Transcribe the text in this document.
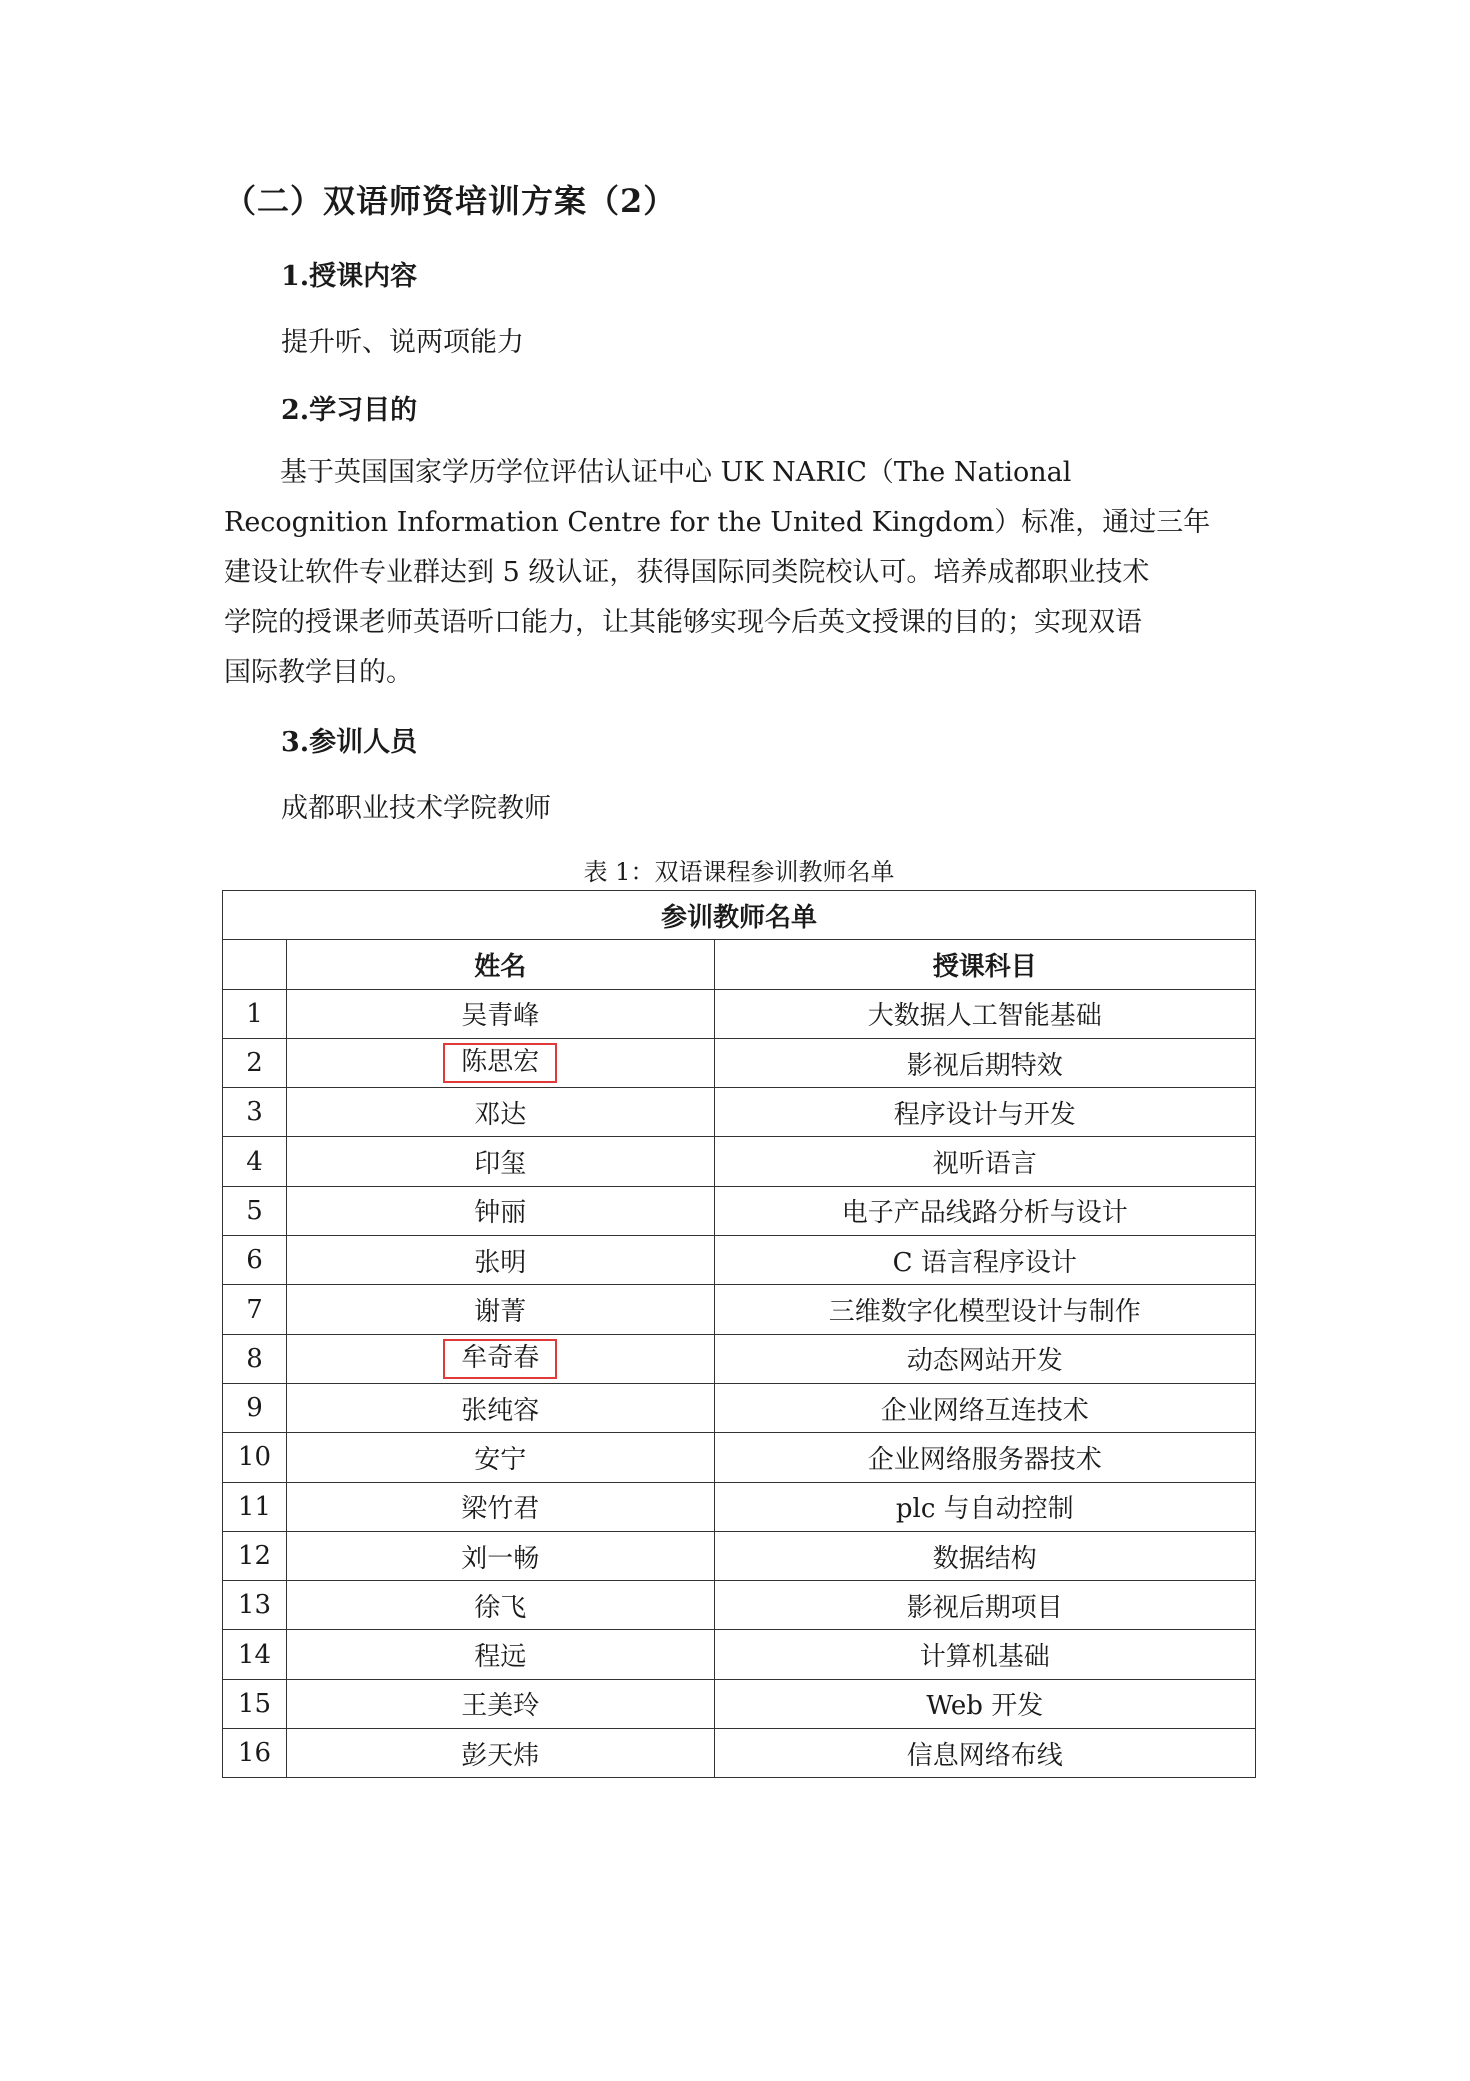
（二）双语师资培训方案（2）
1.授课内容

提升听、说两项能力

2.学习目的
基于英国国家学历学位评估认证中心 UK NARIC（The National
Recognition Information Centre for the United Kingdom）标准，通过三年
建设让软件专业群达到 5 级认证，获得国际同类院校认可。培养成都职业技术
学院的授课老师英语听口能力，让其能够实现今后英文授课的目的；实现双语
国际教学目的。
3.参训人员

成都职业技术学院教师

表 1：双语课程参训教师名单

参训教师名单		
	姓名	授课科目
1	吴青峰	大数据人工智能基础
2	陈思宏	影视后期特效
3	邓达	程序设计与开发
4	印玺	视听语言
5	钟丽	电子产品线路分析与设计
6	张明	C 语言程序设计
7	谢菁	三维数字化模型设计与制作
8	牟奇春	动态网站开发
9	张纯容	企业网络互连技术
10	安宁	企业网络服务器技术
11	梁竹君	plc 与自动控制
12	刘一畅	数据结构
13	徐飞	影视后期项目
14	程远	计算机基础
15	王美玲	Web 开发
16	彭天炜	信息网络布线
